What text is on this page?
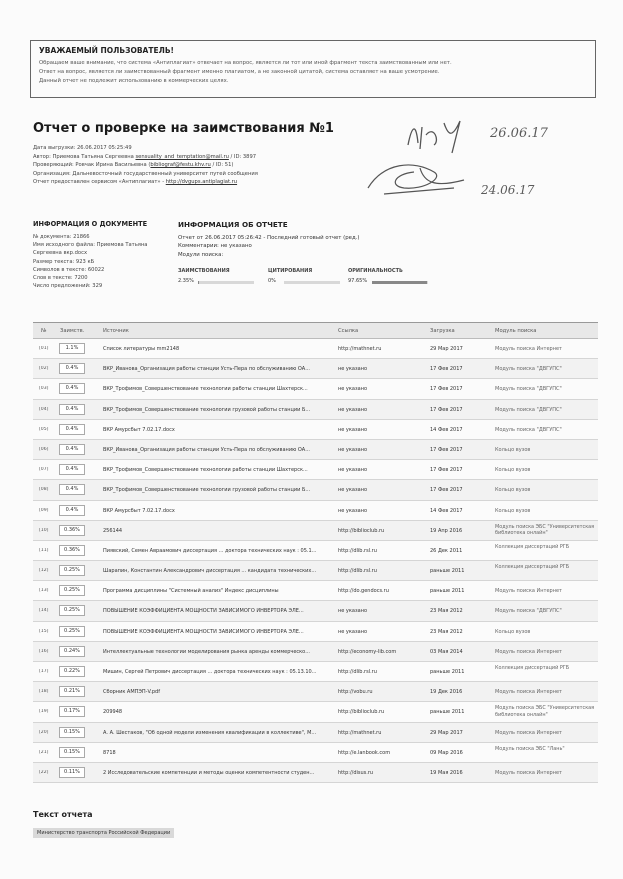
УВАЖАЕМЫЙ ПОЛЬЗОВАТЕЛЬ!
Обращаем ваше внимание, что система «Антиплагиат» отвечает на вопрос, является ли тот или иной фрагмент текста заимствованным или нет.
Ответ на вопрос, является ли заимствованный фрагмент именно плагиатом, а не законной цитатой, система оставляет на ваше усмотрение.
Данный отчет не подлежит использованию в коммерческих целях.
Отчет о проверке на заимствования №1
Дата выгрузки: 26.06.2017 05:25:49
Автор: Приемова Татьяна Сергеевна sensuality_and_temptation@mail.ru / ID: 3897
Проверяющий: Ровчак Ирина Васильевна (bibliograf@festu.khv.ru / ID: 51)
Организация: Дальневосточный государственный университет путей сообщения
Отчет предоставлен сервисом «Антиплагиат» - http://dvgups.antiplagiat.ru
26.06.17
24.06.17
ИНФОРМАЦИЯ О ДОКУМЕНТЕ
№ документа: 21866
Имя исходного файла: Приемова Татьяна
Сергеевна вкр.docx
Размер текста: 923 кБ
Символов в тексте: 60022
Слов в тексте: 7200
Число предложений: 329
ИНФОРМАЦИЯ ОБ ОТЧЕТЕ
Отчет от 26.06.2017 05:26:42 - Последний готовый отчет (ред.)
Комментарии: не указано
Модули поиска:
ЗАИМСТВОВАНИЯ
2.35%
ЦИТИРОВАНИЯ
0%
ОРИГИНАЛЬНОСТЬ
97.65%
№	Заимств.	Источник	Ссылка	Загрузка	Модуль поиска
[01]	1.1%	Список литературы mm2148	http://mathnet.ru	29 Мар 2017	Модуль поиска Интернет
[02]	0.4%	ВКР_Иванова_Организация работы станции Усть-Пера по обслуживанию ОА...	не указано	17 Фев 2017	Модуль поиска "ДВГУПС"
[03]	0.4%	ВКР_Трофимов_Совершенствование технологии работы станции Шахтерск...	не указано	17 Фев 2017	Модуль поиска "ДВГУПС"
[04]	0.4%	ВКР_Трофимов_Совершенствование технологии грузовой работы станции Б...	не указано	17 Фев 2017	Модуль поиска "ДВГУПС"
[05]	0.4%	ВКР Амурсбыт 7.02.17.docx	не указано	14 Фев 2017	Модуль поиска "ДВГУПС"
[06]	0.4%	ВКР_Иванова_Организация работы станции Усть-Пера по обслуживанию ОА...	не указано	17 Фев 2017	Кольцо вузов
[07]	0.4%	ВКР_Трофимов_Совершенствование технологии работы станции Шахтерск...	не указано	17 Фев 2017	Кольцо вузов
[08]	0.4%	ВКР_Трофимов_Совершенствование технологии грузовой работы станции Б...	не указано	17 Фев 2017	Кольцо вузов
[09]	0.4%	ВКР Амурсбыт 7.02.17.docx	не указано	14 Фев 2017	Кольцо вузов
[10]	0.36%	256144	http://biblioclub.ru	19 Апр 2016
Модуль поиска ЭБС "Университетская библиотека онлайн"
[11]	0.36%	Пиявский, Семен Авраамович диссертация ... доктора технических наук : 05.1...	http://dlib.rsl.ru	26 Дек 2011
Коллекция диссертаций РГБ
[12]	0.25%	Шарапин, Константин Александрович диссертация ... кандидата технических...	http://dlib.rsl.ru	раньше 2011
Коллекция диссертаций РГБ
[13]	0.25%	Программа дисциплины "Системный анализ" Индекс дисциплины	http://do.gendocs.ru	раньше 2011	Модуль поиска Интернет
[14]	0.25%	ПОВЫШЕНИЕ КОЭФФИЦИЕНТА МОЩНОСТИ ЗАВИСИМОГО ИНВЕРТОРА ЭЛЕ...	не указано	23 Мая 2012	Модуль поиска "ДВГУПС"
[15]	0.25%	ПОВЫШЕНИЕ КОЭФФИЦИЕНТА МОЩНОСТИ ЗАВИСИМОГО ИНВЕРТОРА ЭЛЕ...	не указано	23 Мая 2012	Кольцо вузов
[16]	0.24%	Интеллектуальные технологии моделирования рынка аренды коммерческо...	http://economy-lib.com	03 Мая 2014	Модуль поиска Интернет
[17]	0.22%	Мишин, Сергей Петрович диссертация ... доктора технических наук : 05.13.10...	http://dlib.rsl.ru	раньше 2011
Коллекция диссертаций РГБ
[18]	0.21%	Сборник АМПЭП-V.pdf	http://vobu.ru	19 Дек 2016	Модуль поиска Интернет
[19]	0.17%	209948	http://biblioclub.ru	раньше 2011
Модуль поиска ЭБС "Университетская библиотека онлайн"
[20]	0.15%	А. А. Шестаков, "Об одной модели изменения квалификации в коллективе", М...	http://mathnet.ru	29 Мар 2017	Модуль поиска Интернет
[21]	0.15%	8718	http://e.lanbook.com	09 Мар 2016
Модуль поиска ЭБС "Лань"
[22]	0.11%	2 Исследовательские компетенции и методы оценки компетентности студен...	http://disus.ru	19 Мая 2016	Модуль поиска Интернет
Текст отчета
Министерство транспорта Российской Федерации
